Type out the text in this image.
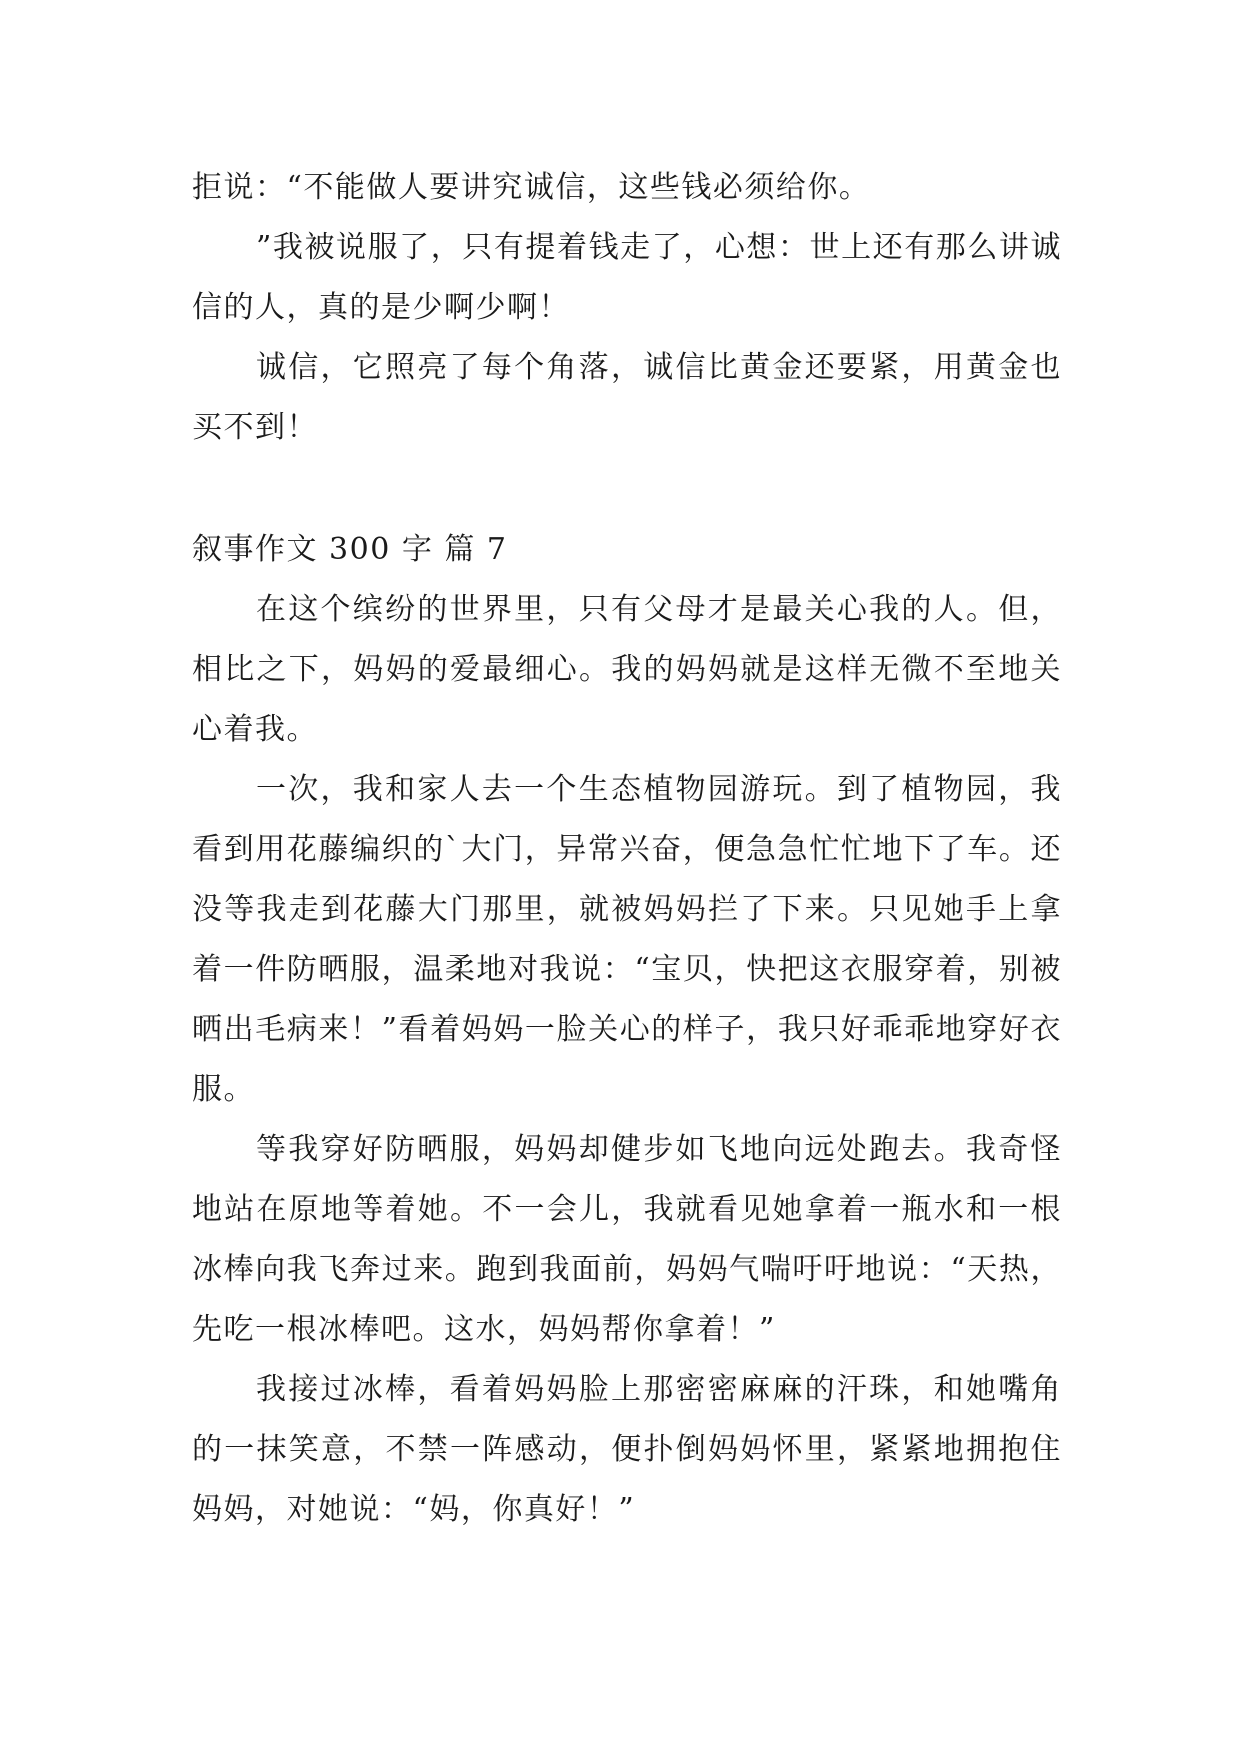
拒说：“不能做人要讲究诚信，这些钱必须给你。

”我被说服了，只有提着钱走了，心想：世上还有那么讲诚信的人，真的是少啊少啊！

诚信，它照亮了每个角落，诚信比黄金还要紧，用黄金也买不到！

叙事作文 300 字 篇 7

在这个缤纷的世界里，只有父母才是最关心我的人。但，相比之下，妈妈的爱最细心。我的妈妈就是这样无微不至地关心着我。

一次，我和家人去一个生态植物园游玩。到了植物园，我看到用花藤编织的`大门，异常兴奋，便急急忙忙地下了车。还没等我走到花藤大门那里，就被妈妈拦了下来。只见她手上拿着一件防晒服，温柔地对我说：“宝贝，快把这衣服穿着，别被晒出毛病来！”看着妈妈一脸关心的样子，我只好乖乖地穿好衣服。

等我穿好防晒服，妈妈却健步如飞地向远处跑去。我奇怪地站在原地等着她。不一会儿，我就看见她拿着一瓶水和一根冰棒向我飞奔过来。跑到我面前，妈妈气喘吁吁地说：“天热，先吃一根冰棒吧。这水，妈妈帮你拿着！”

我接过冰棒，看着妈妈脸上那密密麻麻的汗珠，和她嘴角的一抹笑意，不禁一阵感动，便扑倒妈妈怀里，紧紧地拥抱住妈妈，对她说：“妈，你真好！”
